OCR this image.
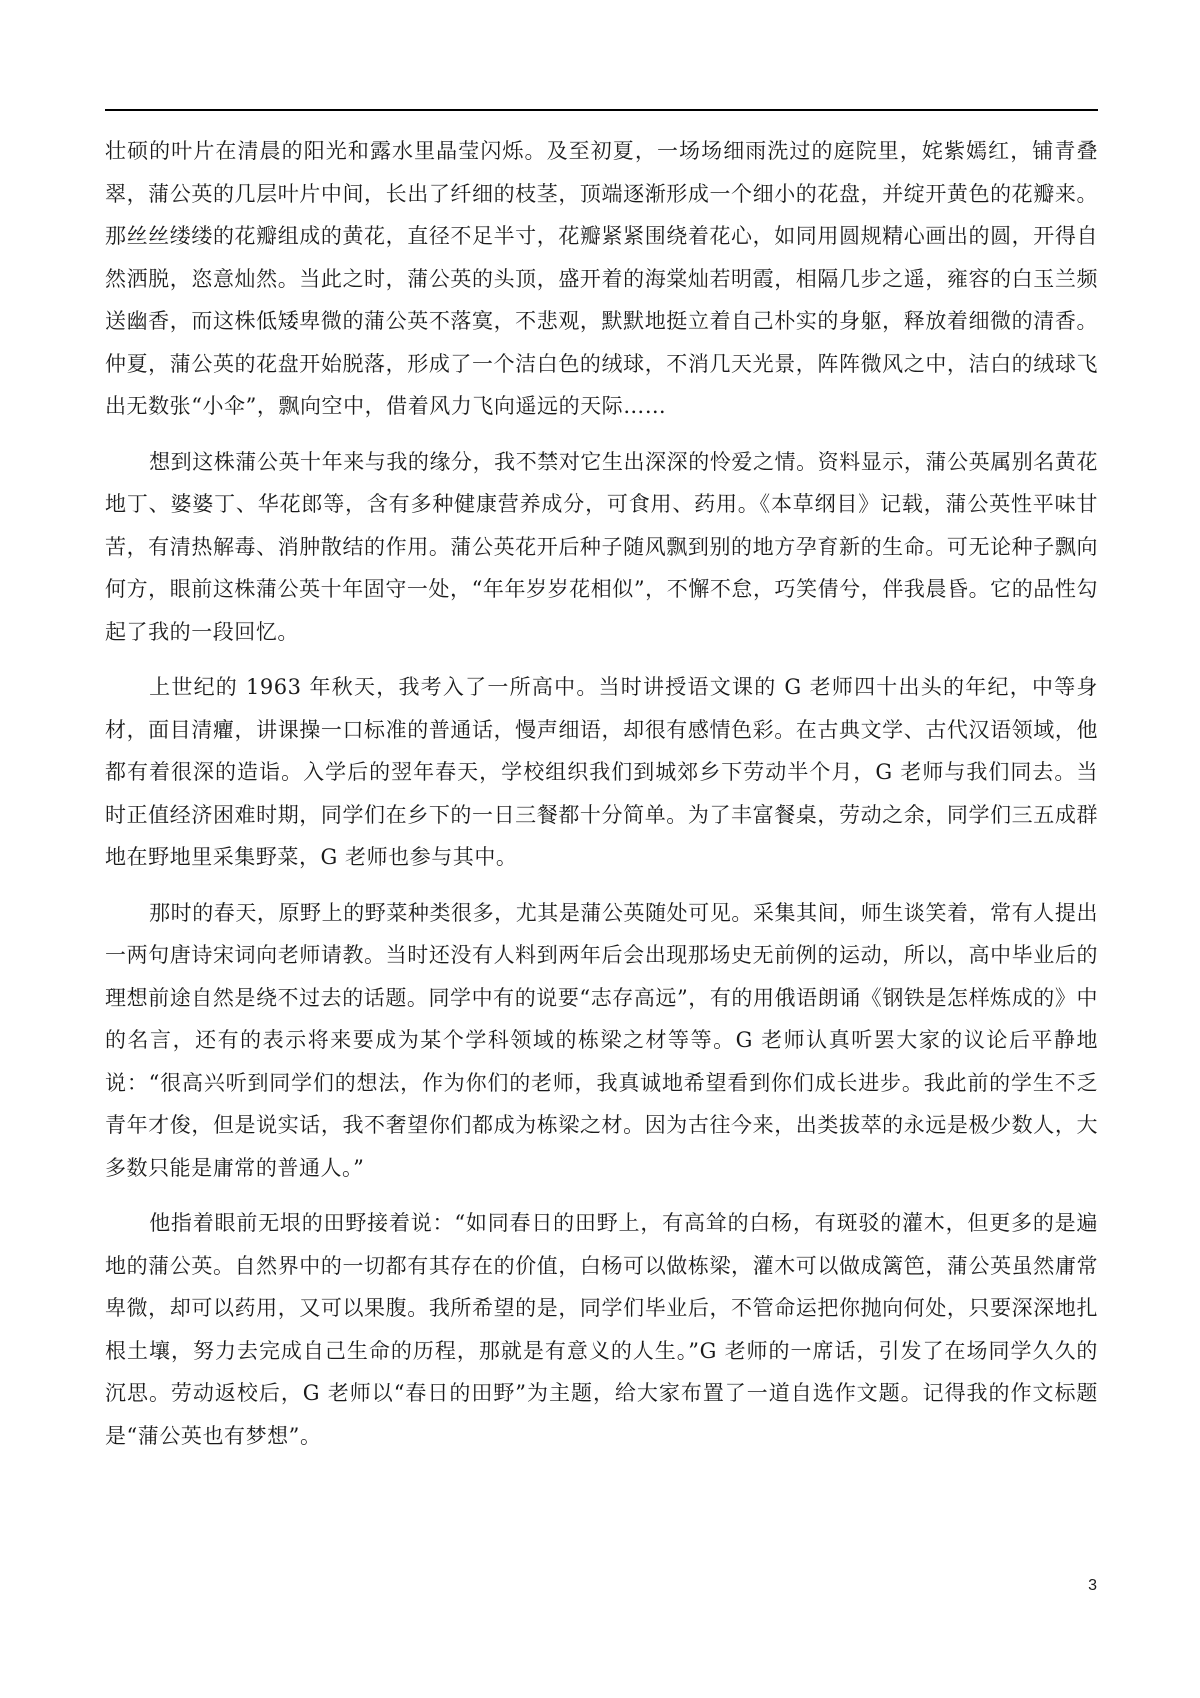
壮硕的叶片在清晨的阳光和露水里晶莹闪烁。及至初夏，一场场细雨洗过的庭院里，姹紫嫣红，铺青叠翠，蒲公英的几层叶片中间，长出了纤细的枝茎，顶端逐渐形成一个细小的花盘，并绽开黄色的花瓣来。那丝丝缕缕的花瓣组成的黄花，直径不足半寸，花瓣紧紧围绕着花心，如同用圆规精心画出的圆，开得自然洒脱，恣意灿然。当此之时，蒲公英的头顶，盛开着的海棠灿若明霞，相隔几步之遥，雍容的白玉兰频送幽香，而这株低矮卑微的蒲公英不落寞，不悲观，默默地挺立着自己朴实的身躯，释放着细微的清香。仲夏，蒲公英的花盘开始脱落，形成了一个洁白色的绒球，不消几天光景，阵阵微风之中，洁白的绒球飞出无数张“小伞”，飘向空中，借着风力飞向遥远的天际……

想到这株蒲公英十年来与我的缘分，我不禁对它生出深深的怜爱之情。资料显示，蒲公英属别名黄花地丁、婆婆丁、华花郎等，含有多种健康营养成分，可食用、药用。《本草纲目》记载，蒲公英性平味甘苦，有清热解毒、消肿散结的作用。蒲公英花开后种子随风飘到别的地方孕育新的生命。可无论种子飘向何方，眼前这株蒲公英十年固守一处，“年年岁岁花相似”，不懈不怠，巧笑倩兮，伴我晨昏。它的品性勾起了我的一段回忆。

上世纪的 1963 年秋天，我考入了一所高中。当时讲授语文课的 G 老师四十出头的年纪，中等身材，面目清癯，讲课操一口标准的普通话，慢声细语，却很有感情色彩。在古典文学、古代汉语领域，他都有着很深的造诣。入学后的翌年春天，学校组织我们到城郊乡下劳动半个月，G 老师与我们同去。当时正值经济困难时期，同学们在乡下的一日三餐都十分简单。为了丰富餐桌，劳动之余，同学们三五成群地在野地里采集野菜，G 老师也参与其中。

那时的春天，原野上的野菜种类很多，尤其是蒲公英随处可见。采集其间，师生谈笑着，常有人提出一两句唐诗宋词向老师请教。当时还没有人料到两年后会出现那场史无前例的运动，所以，高中毕业后的理想前途自然是绕不过去的话题。同学中有的说要“志存高远”，有的用俄语朗诵《钢铁是怎样炼成的》中的名言，还有的表示将来要成为某个学科领域的栋梁之材等等。G 老师认真听罢大家的议论后平静地说：“很高兴听到同学们的想法，作为你们的老师，我真诚地希望看到你们成长进步。我此前的学生不乏青年才俊，但是说实话，我不奢望你们都成为栋梁之材。因为古往今来，出类拔萃的永远是极少数人，大多数只能是庸常的普通人。”

他指着眼前无垠的田野接着说：“如同春日的田野上，有高耸的白杨，有斑驳的灌木，但更多的是遍地的蒲公英。自然界中的一切都有其存在的价值，白杨可以做栋梁，灌木可以做成篱笆，蒲公英虽然庸常卑微，却可以药用，又可以果腹。我所希望的是，同学们毕业后，不管命运把你抛向何处，只要深深地扎根土壤，努力去完成自己生命的历程，那就是有意义的人生。”G 老师的一席话，引发了在场同学久久的沉思。劳动返校后，G 老师以“春日的田野”为主题，给大家布置了一道自选作文题。记得我的作文标题是“蒲公英也有梦想”。

3
